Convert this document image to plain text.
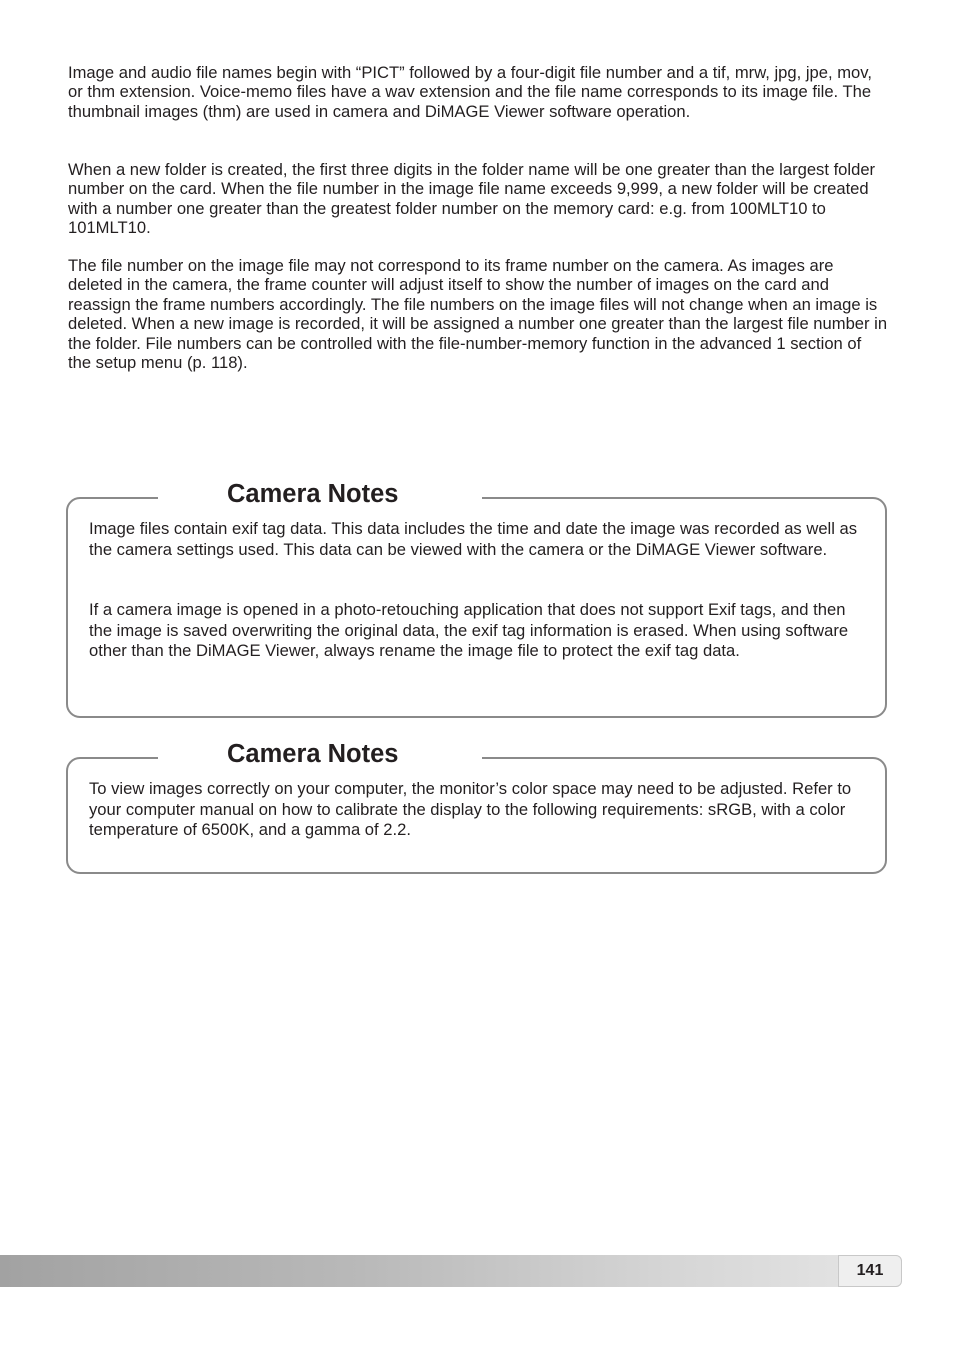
Image and audio file names begin with “PICT” followed by a four-digit file number and a tif, mrw, jpg, jpe, mov, or thm extension. Voice-memo files have a wav extension and the file name corresponds to its image file. The thumbnail images (thm) are used in camera and DiMAGE Viewer software operation.

When a new folder is created, the first three digits in the folder name will be one greater than the largest folder number on the card. When the file number in the image file name exceeds 9,999, a new folder will be created with a number one greater than the greatest folder number on the memory card: e.g. from 100MLT10 to 101MLT10.

The file number on the image file may not correspond to its frame number on the camera. As images are deleted in the camera, the frame counter will adjust itself to show the number of images on the card and reassign the frame numbers accordingly. The file numbers on the image files will not change when an image is deleted. When a new image is recorded, it will be assigned a number one greater than the largest file number in the folder. File numbers can be controlled with the file-number-memory function in the advanced 1 section of the setup menu (p. 118).

Camera Notes

Image files contain exif tag data. This data includes the time and date the image was recorded as well as the camera settings used. This data can be viewed with the camera or the DiMAGE Viewer software.

If a camera image is opened in a photo-retouching application that does not support Exif tags, and then the image is saved overwriting the original data, the exif tag information is erased. When using software other than the DiMAGE Viewer, always rename the image file to protect the exif tag data.

Camera Notes

To view images correctly on your computer, the monitor’s color space may need to be adjusted. Refer to your computer manual on how to calibrate the display to the following requirements: sRGB, with a color temperature of 6500K, and a gamma of 2.2.

141
